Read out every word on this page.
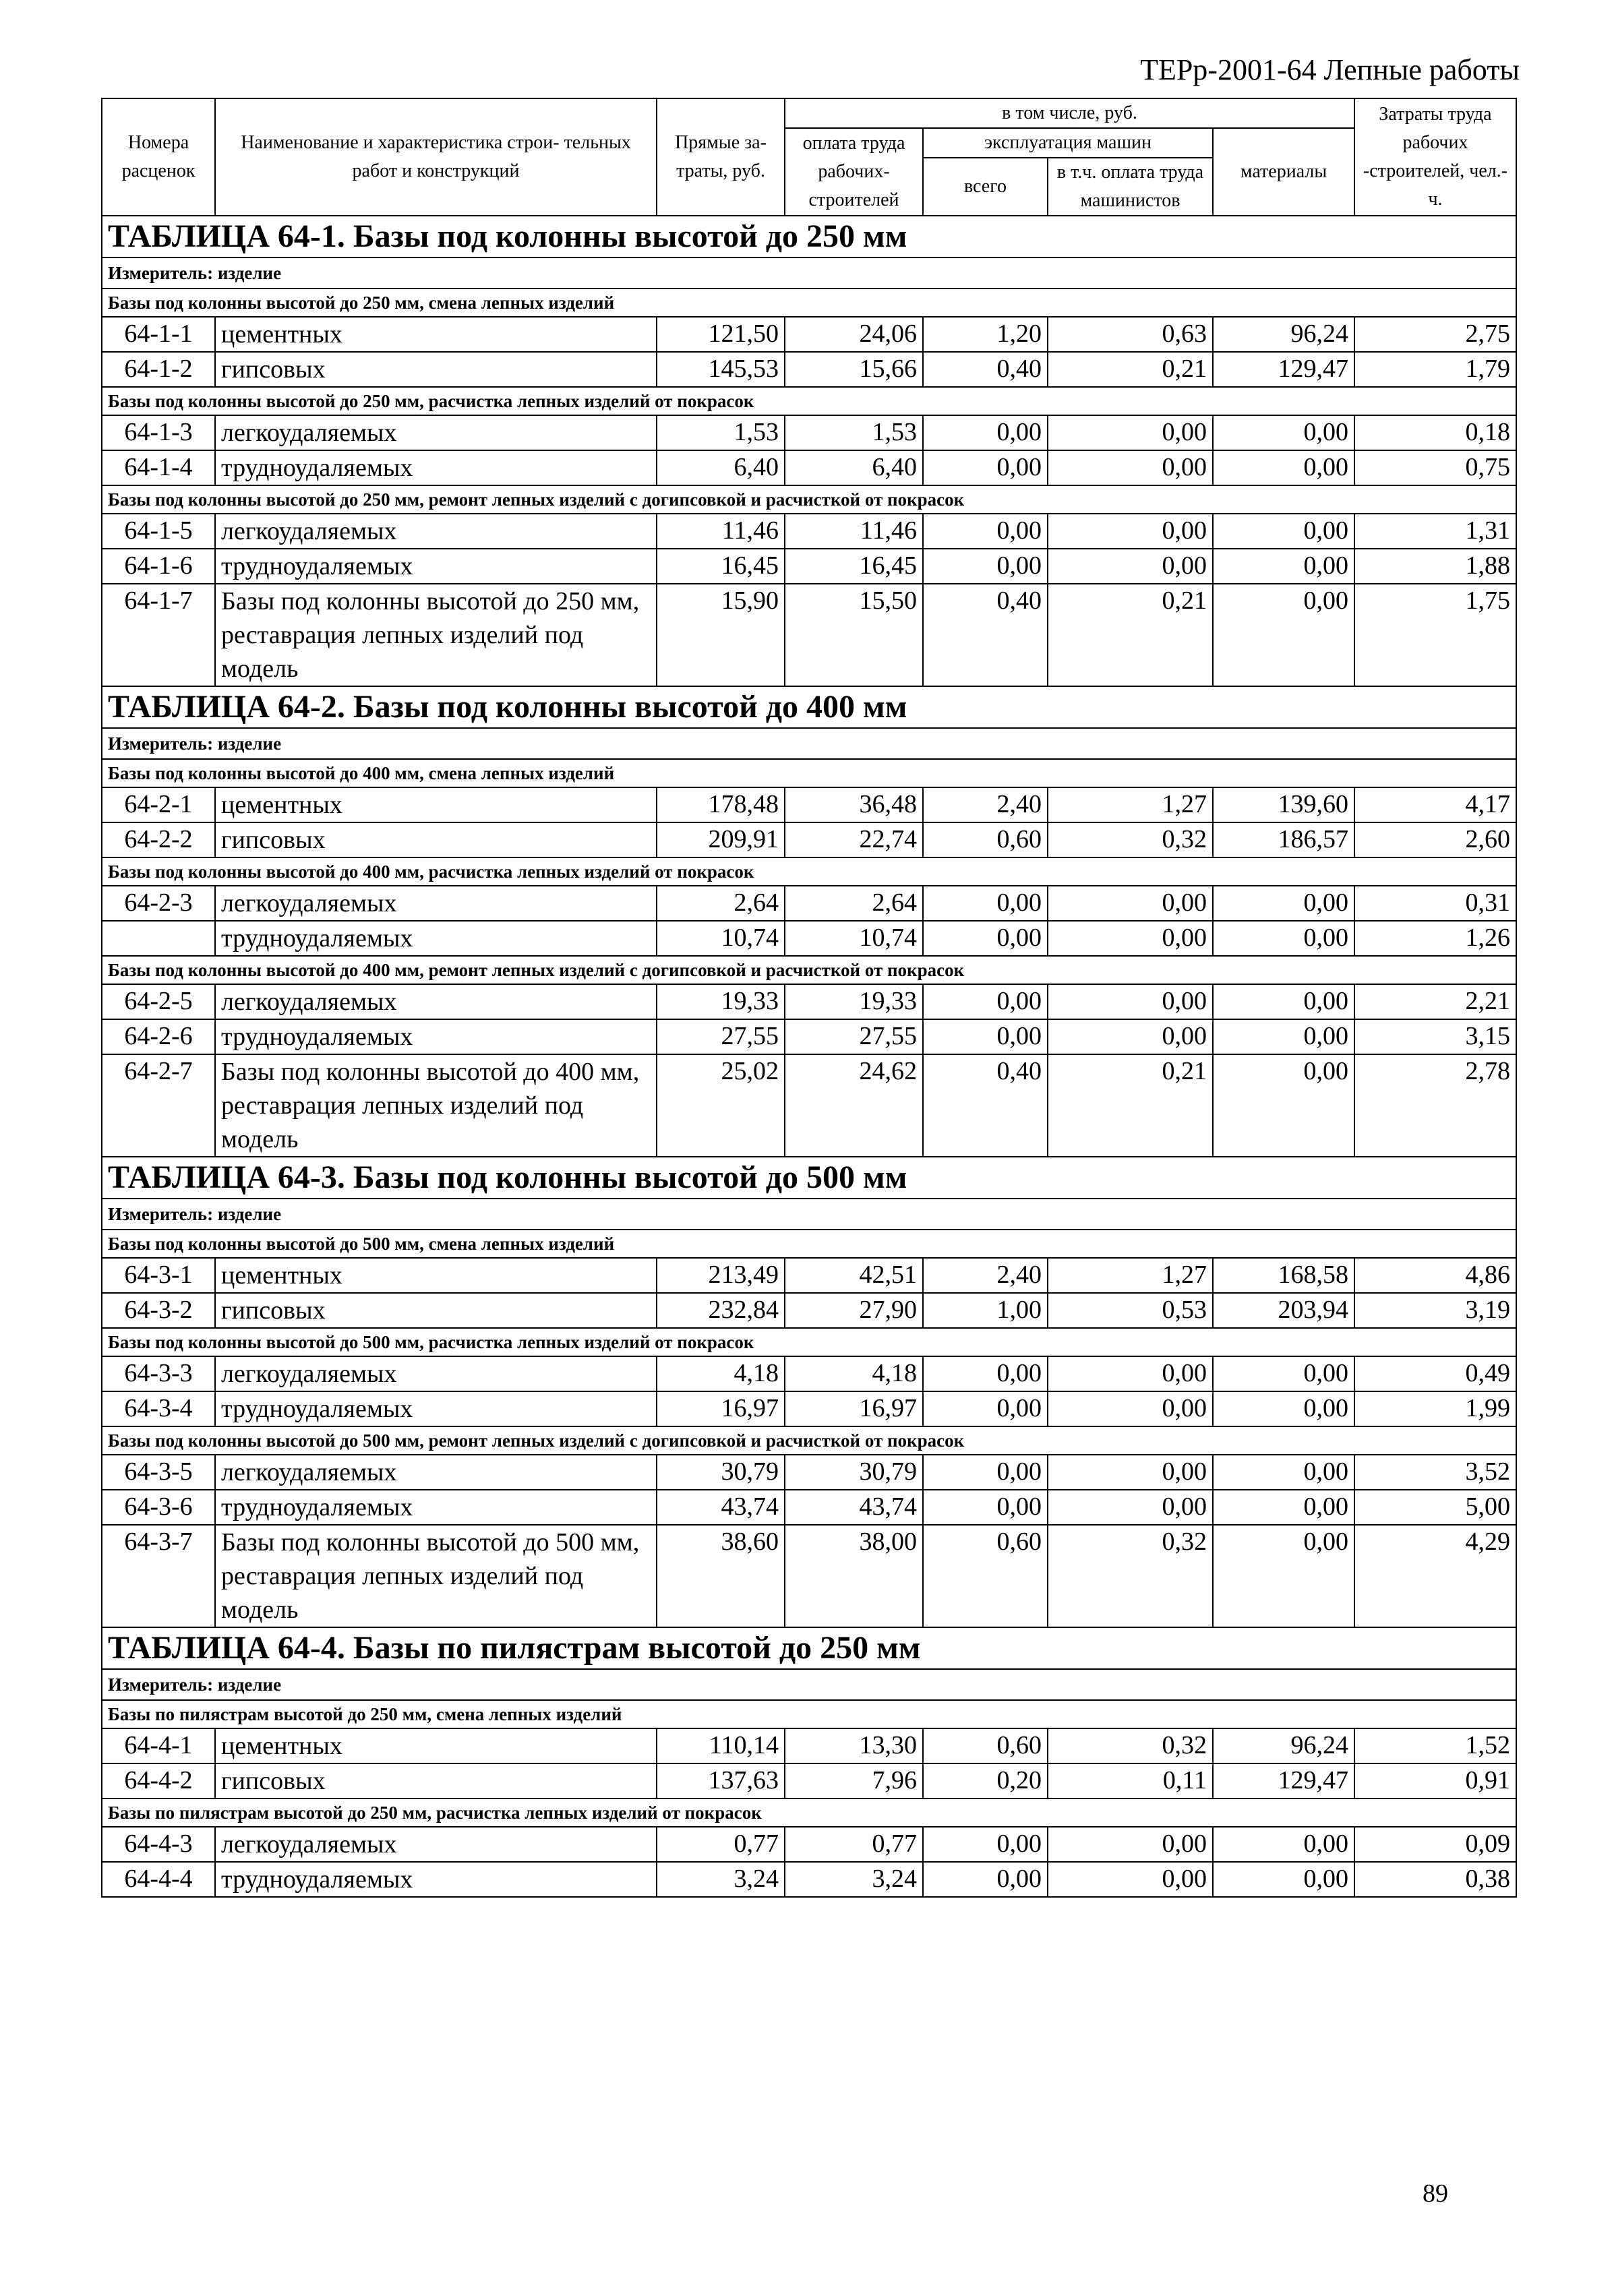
ТЕРр-2001-64 Лепные работы
Номера расценок	Наименование и характеристика строи- тельных работ и конструкций	Прямые за- траты, руб.	в том числе, руб.				Затраты труда рабочих -строителей, чел.-ч.
			оплата труда рабочих- строителей	эксплуатация машин		материалы	
				всего	в т.ч. оплата труда машинистов		
ТАБЛИЦА 64-1. Базы под колонны высотой до 250 мм							
Измеритель: изделие							
Базы под колонны высотой до 250 мм, смена лепных изделий							
64-1-1	цементных	121,50	24,06	1,20	0,63	96,24	2,75
64-1-2	гипсовых	145,53	15,66	0,40	0,21	129,47	1,79
Базы под колонны высотой до 250 мм, расчистка лепных изделий от покрасок							
64-1-3	легкоудаляемых	1,53	1,53	0,00	0,00	0,00	0,18
64-1-4	трудноудаляемых	6,40	6,40	0,00	0,00	0,00	0,75
Базы под колонны высотой до 250 мм, ремонт лепных изделий с догипсовкой и расчисткой от покрасок							
64-1-5	легкоудаляемых	11,46	11,46	0,00	0,00	0,00	1,31
64-1-6	трудноудаляемых	16,45	16,45	0,00	0,00	0,00	1,88
64-1-7	Базы под колонны высотой до 250 мм, реставрация лепных изделий под модель	15,90	15,50	0,40	0,21	0,00	1,75
ТАБЛИЦА 64-2. Базы под колонны высотой до 400 мм							
Измеритель: изделие							
Базы под колонны высотой до 400 мм, смена лепных изделий							
64-2-1	цементных	178,48	36,48	2,40	1,27	139,60	4,17
64-2-2	гипсовых	209,91	22,74	0,60	0,32	186,57	2,60
Базы под колонны высотой до 400 мм, расчистка лепных изделий от покрасок							
64-2-3	легкоудаляемых	2,64	2,64	0,00	0,00	0,00	0,31
	трудноудаляемых	10,74	10,74	0,00	0,00	0,00	1,26
Базы под колонны высотой до 400 мм, ремонт лепных изделий с догипсовкой и расчисткой от покрасок							
64-2-5	легкоудаляемых	19,33	19,33	0,00	0,00	0,00	2,21
64-2-6	трудноудаляемых	27,55	27,55	0,00	0,00	0,00	3,15
64-2-7	Базы под колонны высотой до 400 мм, реставрация лепных изделий под модель	25,02	24,62	0,40	0,21	0,00	2,78
ТАБЛИЦА 64-3. Базы под колонны высотой до 500 мм							
Измеритель: изделие							
Базы под колонны высотой до 500 мм, смена лепных изделий							
64-3-1	цементных	213,49	42,51	2,40	1,27	168,58	4,86
64-3-2	гипсовых	232,84	27,90	1,00	0,53	203,94	3,19
Базы под колонны высотой до 500 мм, расчистка лепных изделий от покрасок							
64-3-3	легкоудаляемых	4,18	4,18	0,00	0,00	0,00	0,49
64-3-4	трудноудаляемых	16,97	16,97	0,00	0,00	0,00	1,99
Базы под колонны высотой до 500 мм, ремонт лепных изделий с догипсовкой и расчисткой от покрасок							
64-3-5	легкоудаляемых	30,79	30,79	0,00	0,00	0,00	3,52
64-3-6	трудноудаляемых	43,74	43,74	0,00	0,00	0,00	5,00
64-3-7	Базы под колонны высотой до 500 мм, реставрация лепных изделий под модель	38,60	38,00	0,60	0,32	0,00	4,29
ТАБЛИЦА 64-4. Базы по пилястрам высотой до 250 мм							
Измеритель: изделие							
Базы по пилястрам высотой до 250 мм, смена лепных изделий							
64-4-1	цементных	110,14	13,30	0,60	0,32	96,24	1,52
64-4-2	гипсовых	137,63	7,96	0,20	0,11	129,47	0,91
Базы по пилястрам высотой до 250 мм, расчистка лепных изделий от покрасок							
64-4-3	легкоудаляемых	0,77	0,77	0,00	0,00	0,00	0,09
64-4-4	трудноудаляемых	3,24	3,24	0,00	0,00	0,00	0,38
89
